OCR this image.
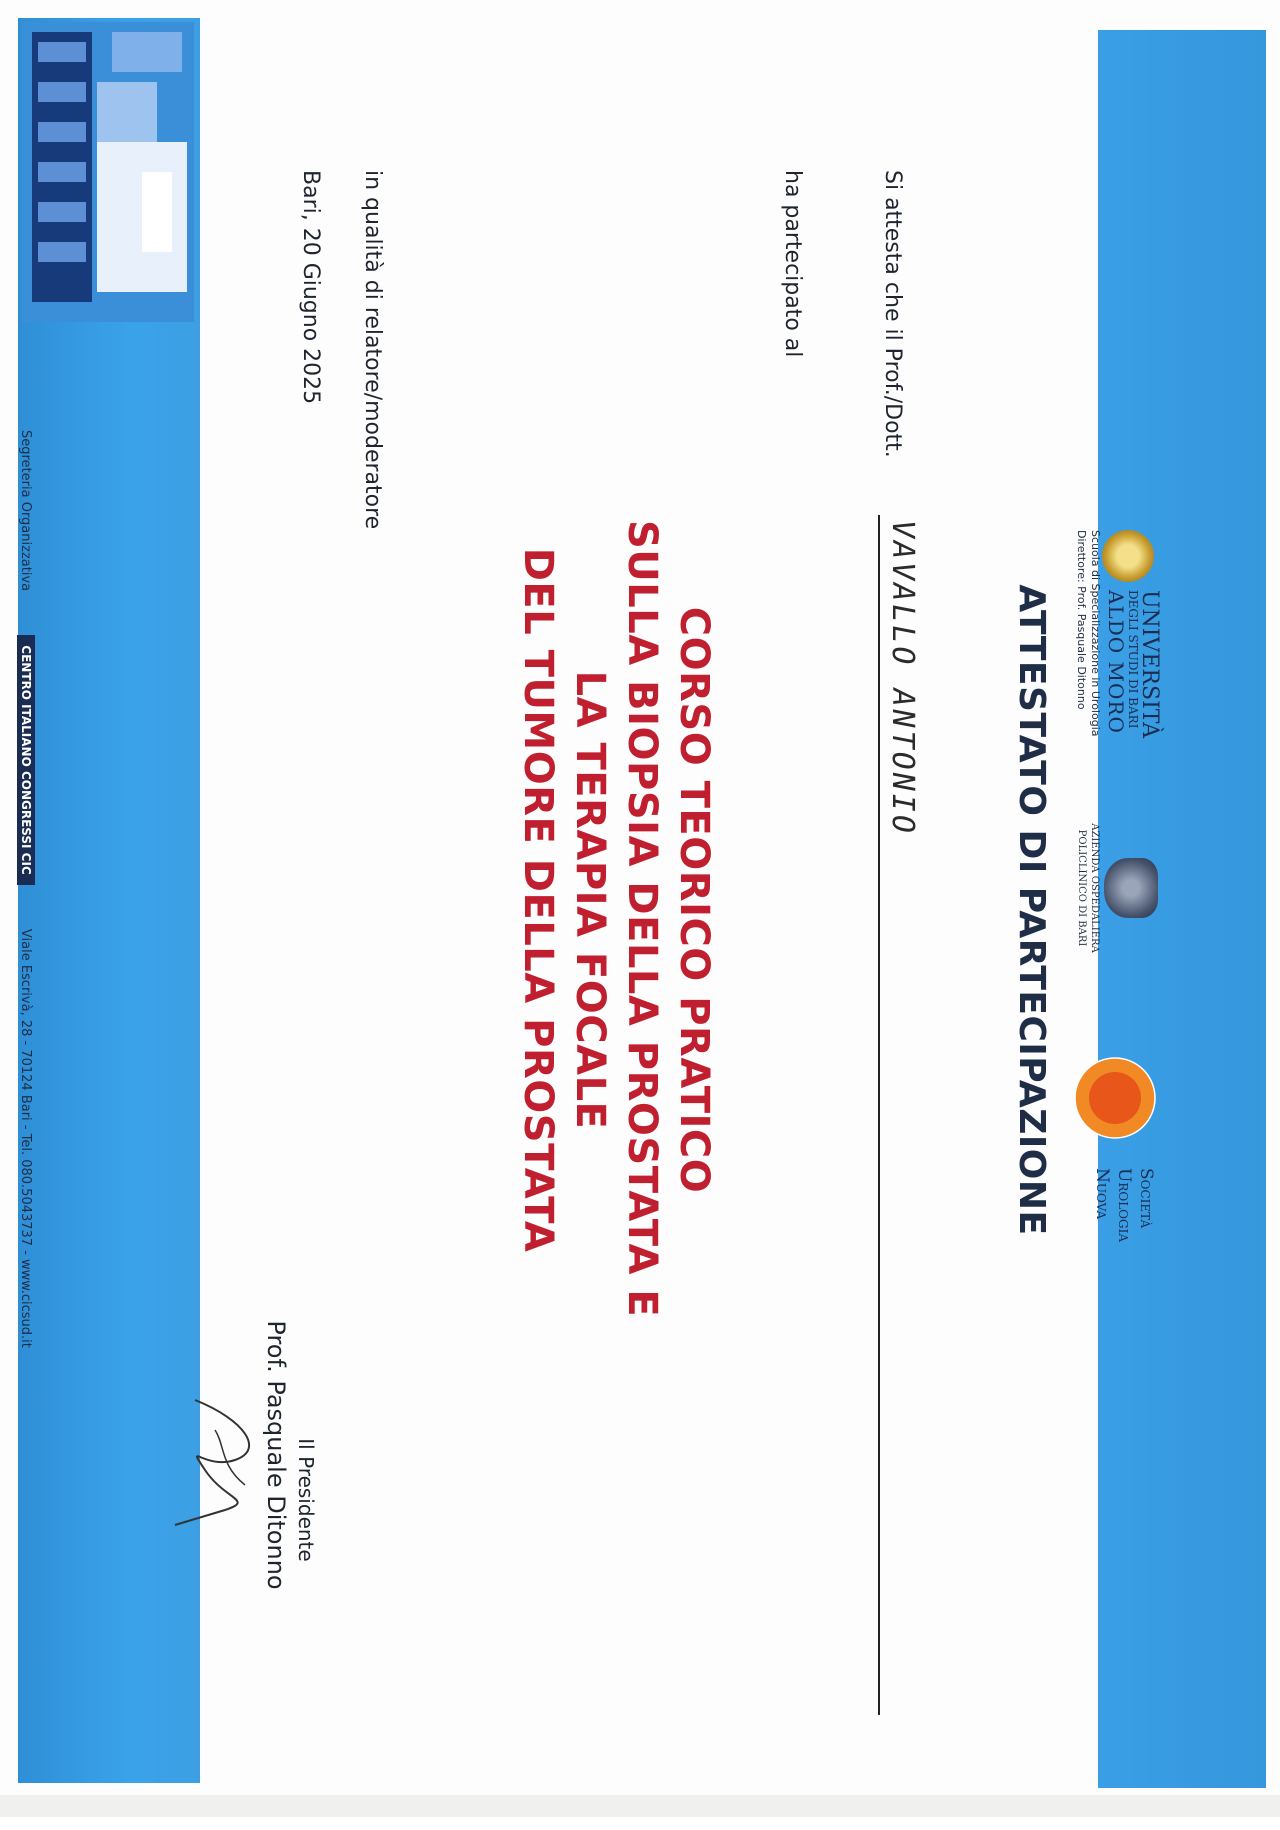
UNIVERSITÀ
DEGLI STUDI DI BARI
ALDO MORO
Scuola di Specializzazione in Urologia
Direttore: Prof. Pasquale Ditonno
AZIENDA OSPEDALIERA
POLICLINICO DI BARI
Società
Urologia
Nuova
ATTESTATO DI PARTECIPAZIONE
Si attesta che il Prof./Dott.
VAVALLO ANTONIO
ha partecipato al
CORSO TEORICO PRATICO
SULLA BIOPSIA DELLA PROSTATA E
LA TERAPIA FOCALE
DEL TUMORE DELLA PROSTATA
in qualità di relatore/moderatore
Bari, 20 Giugno 2025
Il Presidente
Prof. Pasquale Ditonno
Segreteria Organizzativa CENTRO ITALIANO CONGRESSI CIC Viale Escrivà, 28 - 70124 Bari - Tel. 080.5043737 - www.cicsud.it
